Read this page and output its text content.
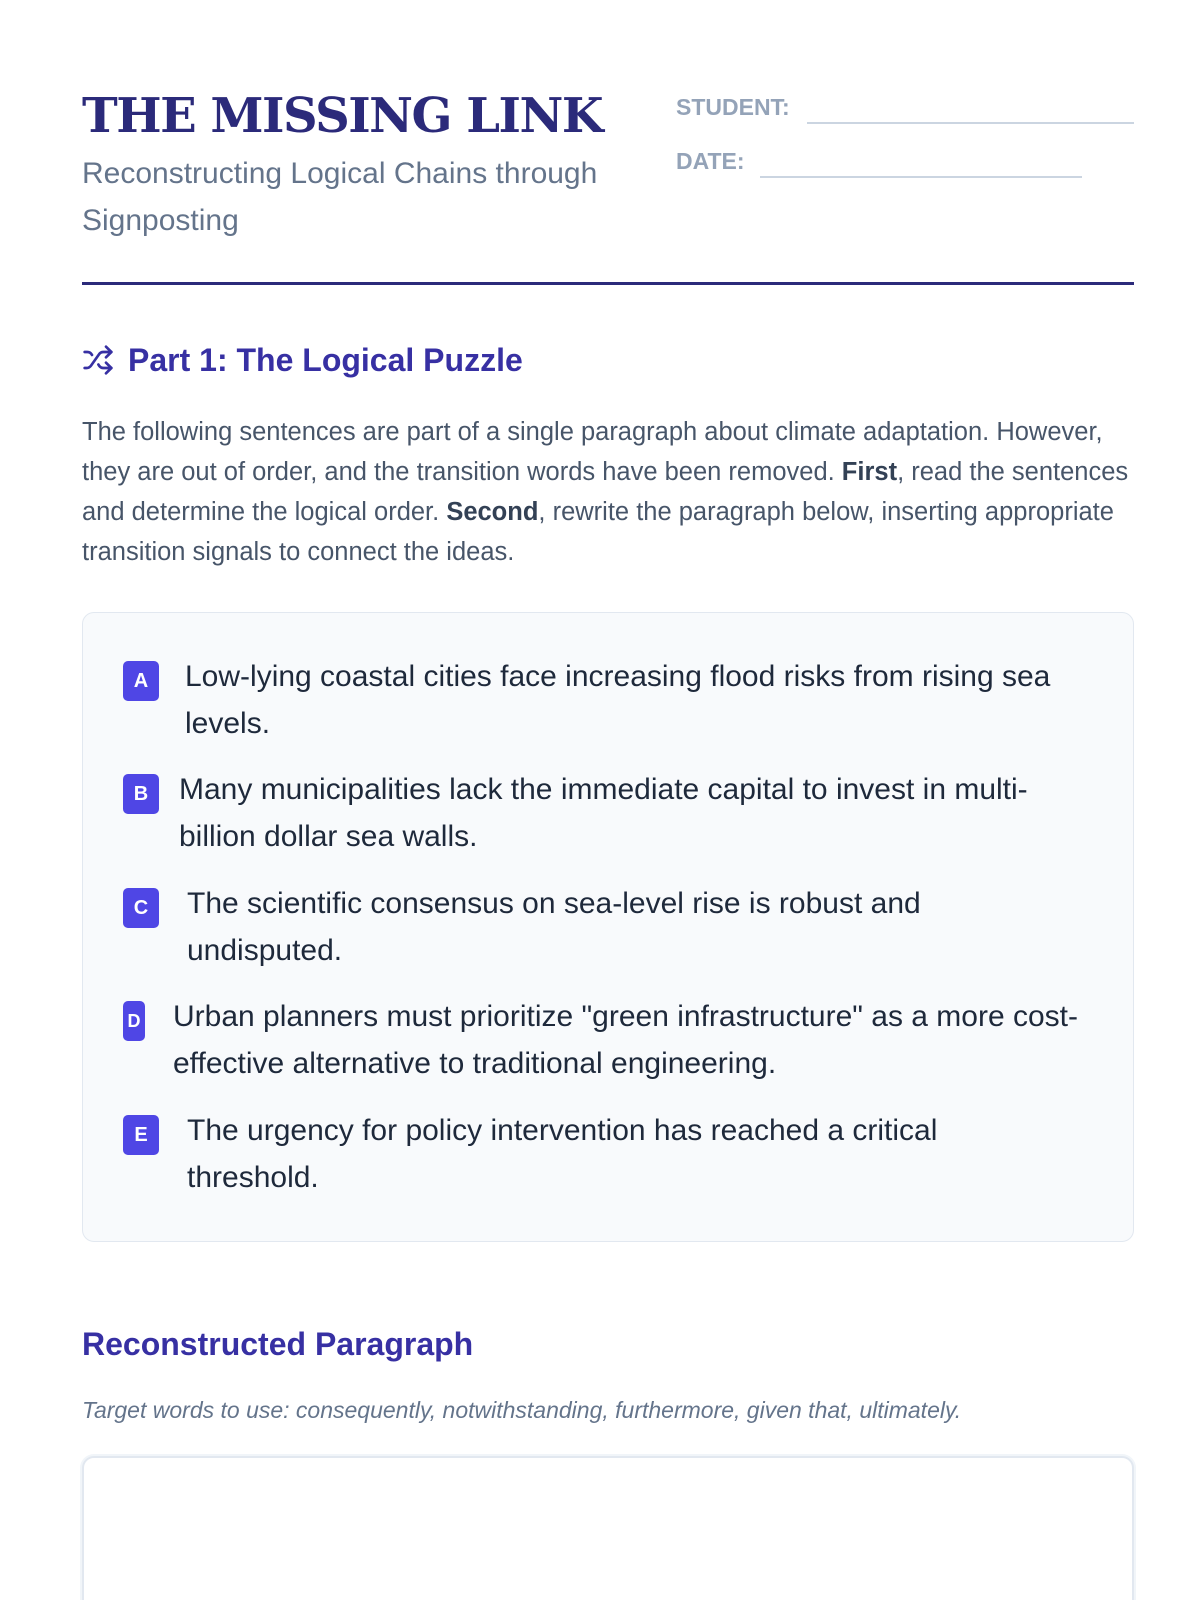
THE MISSING LINK
Reconstructing Logical Chains through Signposting
STUDENT:
DATE:
Part 1: The Logical Puzzle

The following sentences are part of a single paragraph about climate adaptation. However, they are out of order, and the transition words have been removed. First, read the sentences and determine the logical order. Second, rewrite the paragraph below, inserting appropriate transition signals to connect the ideas.

A	Low-lying coastal cities face increasing flood risks from rising sea levels.
B	Many municipalities lack the immediate capital to invest in multi-billion dollar sea walls.
C	The scientific consensus on sea-level rise is robust and undisputed.
D Urban planners must prioritize "green infrastructure" as a more cost-effective alternative to traditional engineering.
E	The urgency for policy intervention has reached a critical threshold.
Reconstructed Paragraph
Target words to use: consequently, notwithstanding, furthermore, given that, ultimately.
